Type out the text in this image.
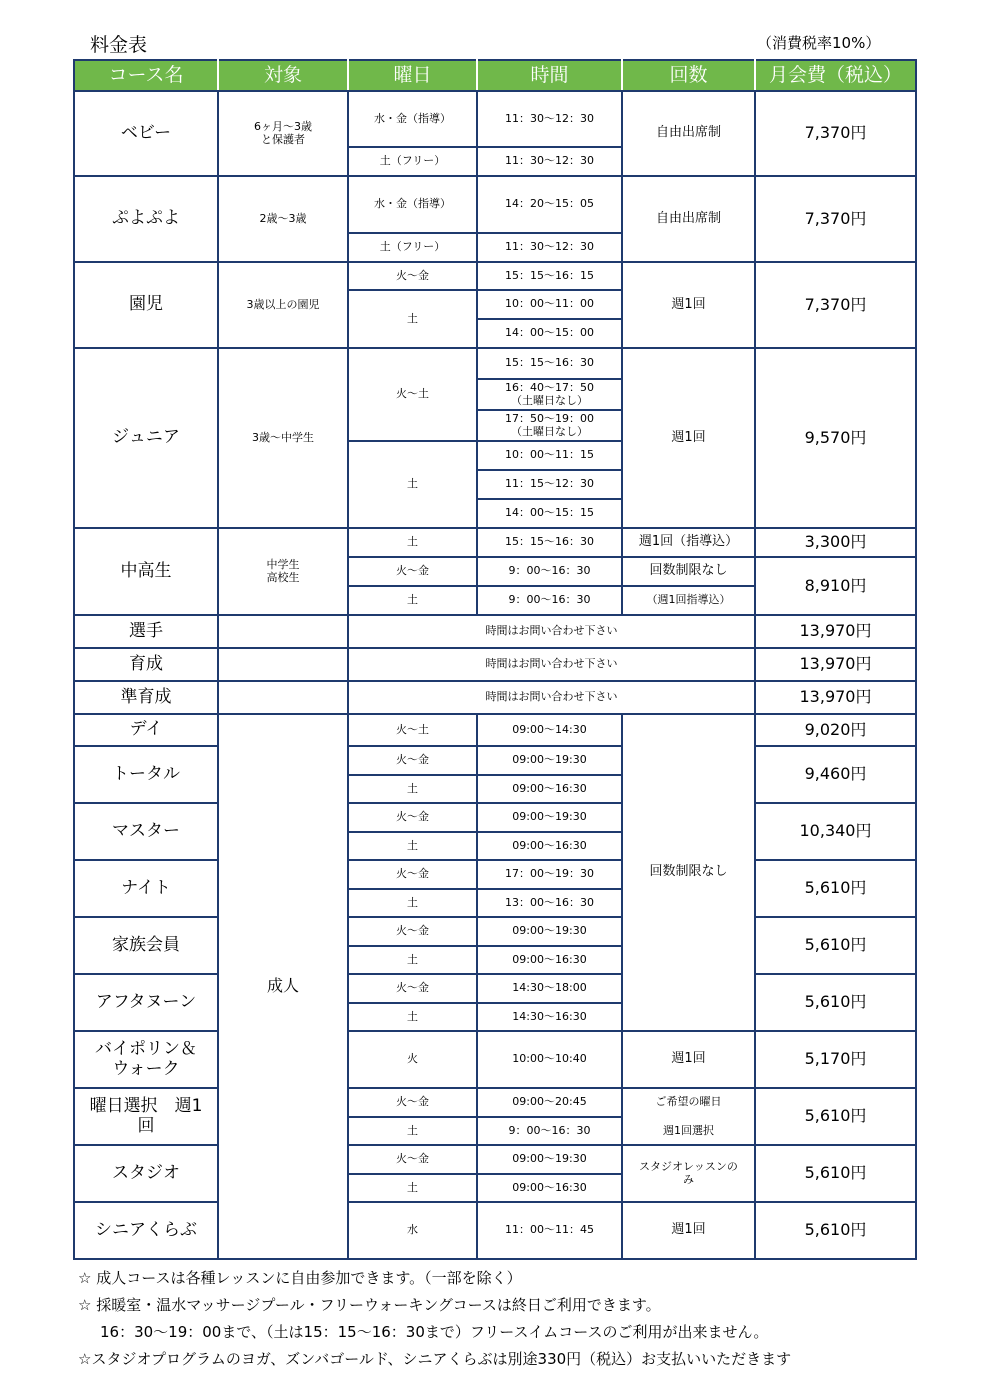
料金表	（消費税率10%）
コース名	対象	曜日	時間	回数	月会費（税込）
ベビー	6ヶ月～3歳
と保護者	水・金（指導）	11：30～12：30	自由出席制	7,370円
		土（フリー）	11：30～12：30		
ぷよぷよ	2歳～3歳	水・金（指導）	14：20～15：05	自由出席制	7,370円
		土（フリー）	11：30～12：30		
園児	3歳以上の園児	火～金	15：15～16：15	週1回	7,370円
		土	10：00～11：00		
			14：00～15：00		
ジュニア	3歳～中学生	火～土	15：15～16：30	週1回	9,570円

			16：40～17：50
（土曜日なし）		

			17：50～19：00
（土曜日なし）		

		土	10：00～11：15		
			11：15～12：30		
			14：00～15：15		
中高生	中学生
高校生	土	15：15～16：30	週1回（指導込）	3,300円
		火～金	9：00～16：30	回数制限なし	8,910円
		土	9：00～16：30	（週1回指導込）	
選手		時間はお問い合わせ下さい			13,970円
育成		時間はお問い合わせ下さい			13,970円
準育成		時間はお問い合わせ下さい			13,970円
デイ	成人	火～土	09:00～14:30	回数制限なし	9,020円
トータル		火～金	09:00～19:30		9,460円
		土	09:00～16:30		
マスター		火～金	09:00～19:30		10,340円
		土	09:00～16:30		
ナイト		火～金	17：00～19：30		5,610円
		土	13：00～16：30		
家族会員		火～金	09:00～19:30		5,610円
		土	09:00～16:30		
アフタヌーン		火～金	14:30～18:00		5,610円
		土	14:30～16:30		

バイポリン＆
ウォーク		火	10:00～10:40	週1回	5,170円

曜日選択　週1
回		火～金	09:00～20:45	ご希望の曜日	5,610円
		土	9：00～16：30	週1回選択	
スタジオ		火～金	09:00～19:30	スタジオレッスンの
み	5,610円
		土	09:00～16:30		
シニアくらぶ		水	11：00～11：45	週1回	5,610円
☆ 成人コースは各種レッスンに自由参加できます。（一部を除く）
☆ 採暖室・温水マッサージプール・フリーウォーキングコースは終日ご利用できます。
16：30～19：00まで、（土は15：15～16：30まで）フリースイムコースのご利用が出来ません。
☆スタジオプログラムのヨガ、ズンバゴールド、シニアくらぶは別途330円（税込）お支払いいただきます
